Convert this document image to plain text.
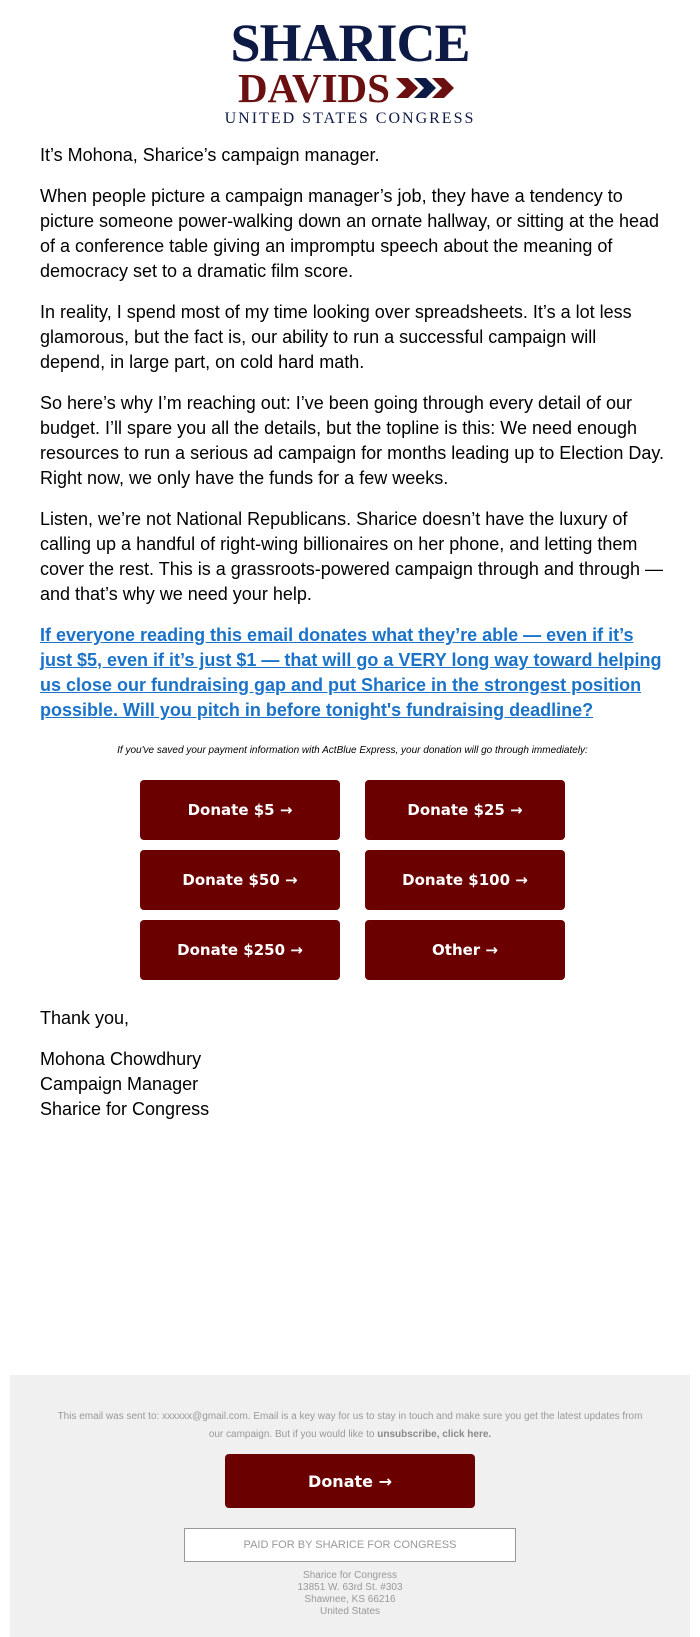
SHARICE
DAVIDS
UNITED STATES CONGRESS

It’s Mohona, Sharice’s campaign manager.

When people picture a campaign manager’s job, they have a tendency to picture someone power-walking down an ornate hallway, or sitting at the head of a conference table giving an impromptu speech about the meaning of democracy set to a dramatic film score.

In reality, I spend most of my time looking over spreadsheets. It’s a lot less glamorous, but the fact is, our ability to run a successful campaign will depend, in large part, on cold hard math.

So here’s why I’m reaching out: I’ve been going through every detail of our budget. I’ll spare you all the details, but the topline is this: We need enough resources to run a serious ad campaign for months leading up to Election Day. Right now, we only have the funds for a few weeks.

Listen, we’re not National Republicans. Sharice doesn’t have the luxury of calling up a handful of right-wing billionaires on her phone, and letting them cover the rest. This is a grassroots-powered campaign through and through — and that’s why we need your help.

If everyone reading this email donates what they’re able — even if it’s just $5, even if it’s just $1 — that will go a VERY long way toward helping us close our fundraising gap and put Sharice in the strongest position possible. Will you pitch in before tonight's fundraising deadline?

If you've saved your payment information with ActBlue Express, your donation will go through immediately:

Donate $5 →	Donate $25 →
Donate $50 →	Donate $100 →
Donate $250 →	Other →

Thank you,

Mohona Chowdhury
Campaign Manager
Sharice for Congress
This email was sent to: xxxxxx@gmail.com. Email is a key way for us to stay in touch and make sure you get the latest updates from our campaign. But if you would like to unsubscribe, click here.
Donate →
PAID FOR BY SHARICE FOR CONGRESS
Sharice for Congress
13851 W. 63rd St. #303
Shawnee, KS 66216
United States
